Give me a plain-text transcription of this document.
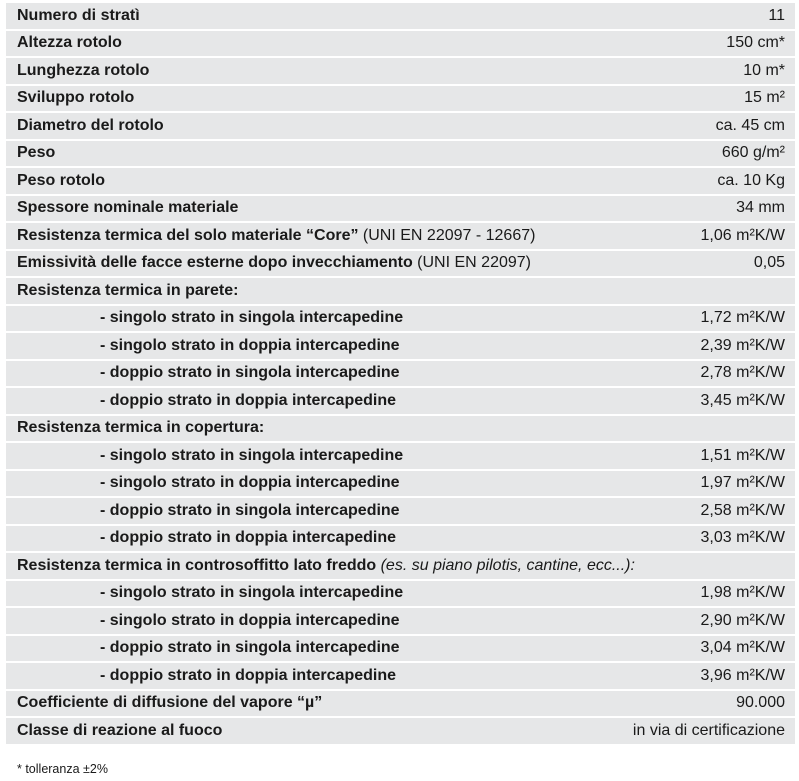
Numero di stratì	11
Altezza rotolo	150 cm*
Lunghezza rotolo	10 m*
Sviluppo rotolo	15 m²
Diametro del rotolo	ca. 45 cm
Peso	660 g/m²
Peso rotolo	ca. 10 Kg
Spessore nominale materiale	34 mm
Resistenza termica del solo materiale “Core” (UNI EN 22097 - 12667)	1,06 m²K/W
Emissività delle facce esterne dopo invecchiamento (UNI EN 22097)	0,05
Resistenza termica in parete:
- singolo strato in singola intercapedine	1,72 m²K/W
- singolo strato in doppia intercapedine	2,39 m²K/W
- doppio strato in singola intercapedine	2,78 m²K/W
- doppio strato in doppia intercapedine	3,45 m²K/W
Resistenza termica in copertura:
- singolo strato in singola intercapedine	1,51 m²K/W
- singolo strato in doppia intercapedine	1,97 m²K/W
- doppio strato in singola intercapedine	2,58 m²K/W
- doppio strato in doppia intercapedine	3,03 m²K/W
Resistenza termica in controsoffitto lato freddo (es. su piano pilotis, cantine, ecc...):
- singolo strato in singola intercapedine	1,98 m²K/W
- singolo strato in doppia intercapedine	2,90 m²K/W
- doppio strato in singola intercapedine	3,04 m²K/W
- doppio strato in doppia intercapedine	3,96 m²K/W
Coefficiente di diffusione del vapore “µ”	90.000
Classe di reazione al fuoco	in via di certificazione
* tolleranza ±2%
